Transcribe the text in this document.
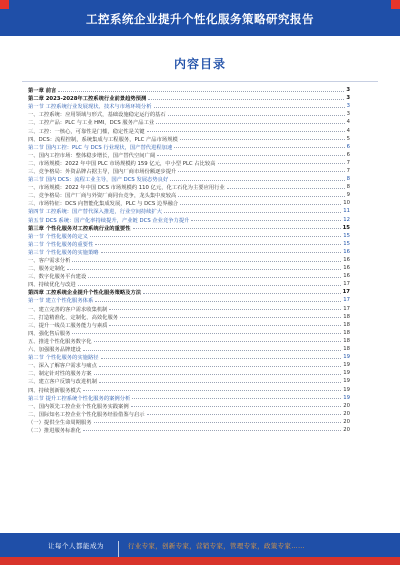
工控系统企业提升个性化服务策略研究报告
内容目录
第一章 前言	3
第二章 2023-2028年工控系统行业前景趋势预测	3
第一节 工控系统行业发展现状、技术与市场环境分析	3
一、工控系统：应用领域与形式，基础设施稳定运行的基石	3
二、工控产品：PLC 与工业 HMI，DCS 服务产品工业	4
三、工控：一核心，可靠性是门槛，稳定性是关键	4
四、DCS：流程控制，系统集成与工程服务，PLC 产品市场规模	5
第二节 国内工控：PLC 与 DCS 行业现状，国产替代进程加速	6
一、国内工控市场：整体稳步增长，国产替代空间广阔	6
二、市场规模：2022 年中国 PLC 市场规模约 159 亿元，中小型 PLC 占比较高	7
三、竞争格局：外资品牌占据主导，国内厂商市场份额逐步提升	7
第三节 国内 DCS：流程工业主导，国产 DCS 发展态势良好	8
一、市场规模：2022 年中国 DCS 市场规模约 110 亿元，化工石化为主要应用行业	8
二、竞争格局：国产厂商与外资厂商同台竞争，龙头集中度较高	9
三、市场特征：DCS 向智能化集成发展，PLC 与 DCS 边界融合	10
第四节 工控系统：国产替代深入推进，行业空间持续扩大	11
第五节 DCS 系统：国产化率持续提升，产业链 DCS 企业竞争力提升	12
第三章 个性化服务对工控系统行业的重要性	15
第一节 个性化服务的定义	15
第二节 个性化服务的重要性	15
第三节 个性化服务的实施策略	16
一、客户需求分析	16
二、服务定制化	16
三、数字化服务平台建设	16
四、持续优化与改进	17
第四章 工控系统企业提升个性化服务策略及方法	17
第一节 建立个性化服务体系	17
一、建立完善的客户需求收集机制	17
二、打造精准化、定制化、高效化服务	18
三、提升一线员工服务能力与素质	18
四、强化售后服务	18
五、推进个性化服务数字化	18
六、加强服务品牌建设	18
第二节 个性化服务的实施路径	19
一、深入了解客户需求与痛点	19
二、制定针对性的服务方案	19
三、建立客户反馈与改进机制	19
四、持续创新服务模式	19
第三节 提升工控系统个性化服务的案例分析	19
一、国内领先工控企业个性化服务实践案例	20
二、国际知名工控企业个性化服务经验借鉴与启示	20
（一）提供全生命周期服务	20
（二）推进服务标准化	20
让每个人都能成为	行业专家，创新专家，营销专家，管理专家，政策专家……
